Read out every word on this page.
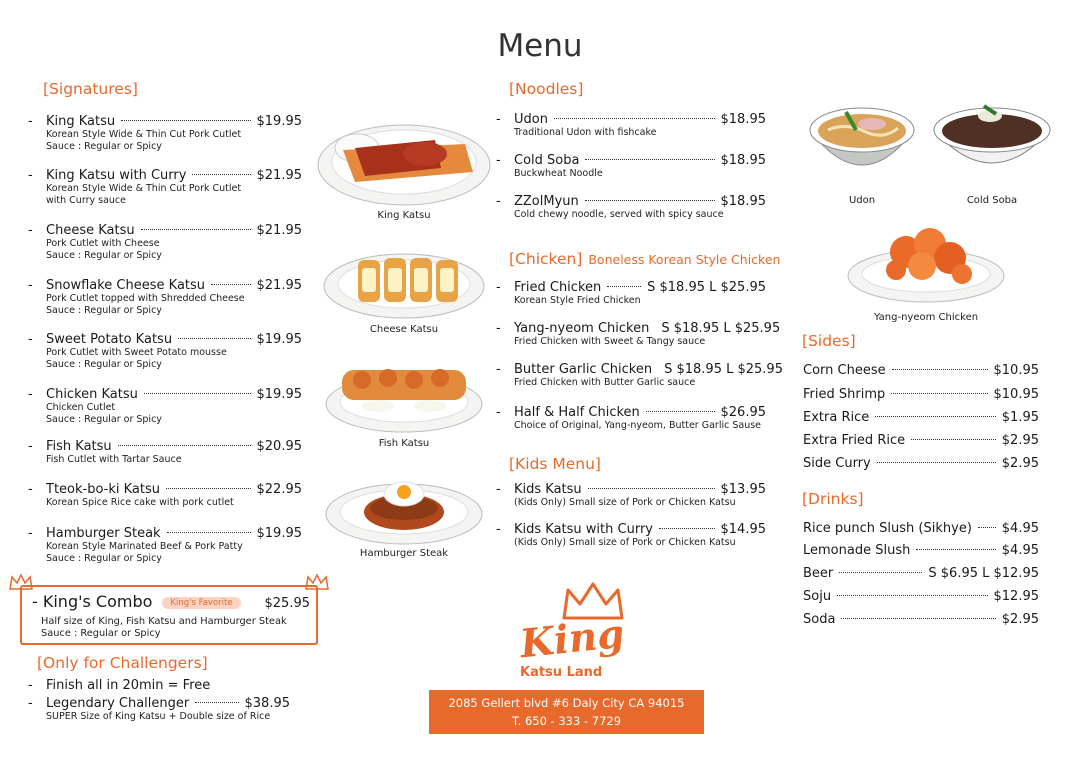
Menu
[Signatures]	[Noodles]
[Chicken] Boneless Korean Style Chicken
[Kids Menu]
[Sides]
[Drinks]
[Only for Challengers]
-	King Katsu	$19.95
Korean Style Wide & Thin Cut Pork Cutlet
Sauce : Regular or Spicy
-	King Katsu with Curry	$21.95
Korean Style Wide & Thin Cut Pork Cutlet
with Curry sauce
-	Cheese Katsu	$21.95
Pork Cutlet with Cheese
Sauce : Regular or Spicy
-	Snowflake Cheese Katsu	$21.95
Pork Cutlet topped with Shredded Cheese
Sauce : Regular or Spicy
-	Sweet Potato Katsu	$19.95
Pork Cutlet with Sweet Potato mousse
Sauce : Regular or Spicy
-	Chicken Katsu	$19.95
Chicken Cutlet
Sauce : Regular or Spicy
-	Fish Katsu	$20.95
Fish Cutlet with Tartar Sauce
-	Tteok-bo-ki Katsu	$22.95
Korean Spice Rice cake with pork cutlet
-	Hamburger Steak	$19.95
Korean Style Marinated Beef & Pork Patty
Sauce : Regular or Spicy
- King's Combo	King's Favorite	$25.95
Half size of King, Fish Katsu and Hamburger Steak
Sauce : Regular or Spicy
-	Finish all in 20min = Free
-	Legendary Challenger	$38.95
SUPER Size of King Katsu + Double size of Rice
-	Udon	$18.95
Traditional Udon with fishcake
-	Cold Soba	$18.95
Buckwheat Noodle
-	ZZolMyun	$18.95
Cold chewy noodle, served with spicy sauce
-	Fried Chicken	S $18.95 L $25.95
Korean Style Fried Chicken
-	Yang-nyeom Chicken S $18.95 L $25.95
Fried Chicken with Sweet & Tangy sauce
-	Butter Garlic Chicken S $18.95 L $25.95
Fried Chicken with Butter Garlic sauce
-	Half & Half Chicken	$26.95
Choice of Original, Yang-nyeom, Butter Garlic Sause
-	Kids Katsu	$13.95
(Kids Only) Small size of Pork or Chicken Katsu
-	Kids Katsu with Curry	$14.95
(Kids Only) Small size of Pork or Chicken Katsu
Corn Cheese	$10.95
Fried Shrimp	$10.95
Extra Rice	$1.95
Extra Fried Rice	$2.95
Side Curry	$2.95
Rice punch Slush (Sikhye) $4.95
Lemonade Slush	$4.95
Beer	S $6.95 L $12.95
Soju	$12.95
Soda	$2.95
King Katsu
Cheese Katsu
Fish Katsu
Hamburger Steak
Udon	Cold Soba
Yang-nyeom Chicken
King
Katsu Land
2085 Gellert blvd #6 Daly City CA 94015
T. 650 - 333 - 7729
